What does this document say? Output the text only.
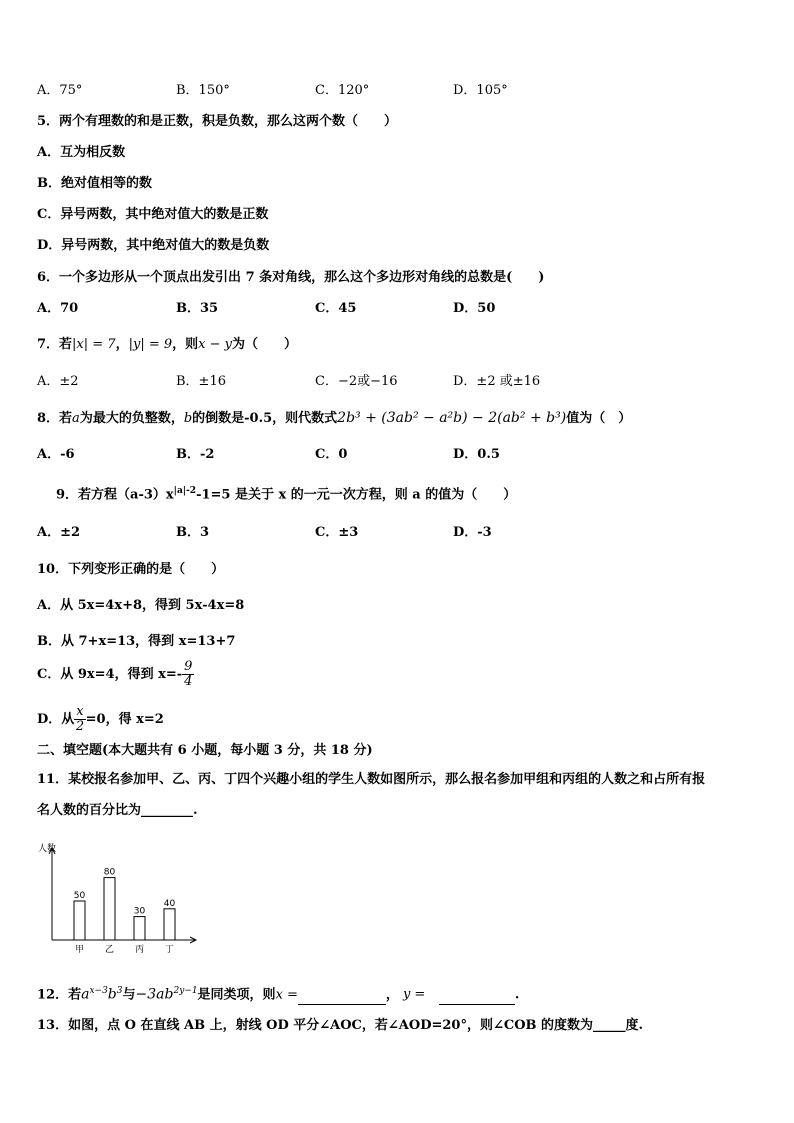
A．75°	B．150°	C．120°	D．105°
5．两个有理数的和是正数，积是负数，那么这两个数（　　）
A．互为相反数
B．绝对值相等的数
C．异号两数，其中绝对值大的数是正数
D．异号两数，其中绝对值大的数是负数
6．一个多边形从一个顶点出发引出 7 条对角线，那么这个多边形对角线的总数是(　　)
A．70	B．35	C．45	D．50
7．若|x| = 7，|y| = 9，则x − y为（　　）
A．±2	B．±16	C．−2或−16	D．±2 或±16
8．若a为最大的负整数，b的倒数是-0.5，则代数式2b³ + (3ab² − a²b) − 2(ab² + b³)值为（　）
A．-6	B．-2	C．0	D．0.5
9．若方程$(a-3)x^{|a|-2}-1=5$ 是关于 x 的一元一次方程，则 a 的值为（　　）
A．±2	B．3	C．±3	D．-3
10．下列变形正确的是（　　）
A．从 5x=4x+8，得到 5x-4x=8
B．从 7+x=13，得到 x=13+7
C．从 9x=4，得到 $x=- \frac{9}{4}$
D．从 $\frac{x}{2} =0$，得 x=2
二、填空题(本大题共有 6 小题，每小题 3 分，共 18 分)
11．某校报名参加甲、乙、丙、丁四个兴趣小组的学生人数如图所示，那么报名参加甲组和丙组的人数之和占所有报
名人数的百分比为________.
人数
50
甲
80
乙
30
丙
40
丁
12．若$a^{x-3}b^3$与$-3ab^{2y-1}$是同类项，则x =	， y =	.
13．如图，点 O 在直线 AB 上，射线 OD 平分∠AOC，若∠AOD=20°，则∠COB 的度数为_____度.
